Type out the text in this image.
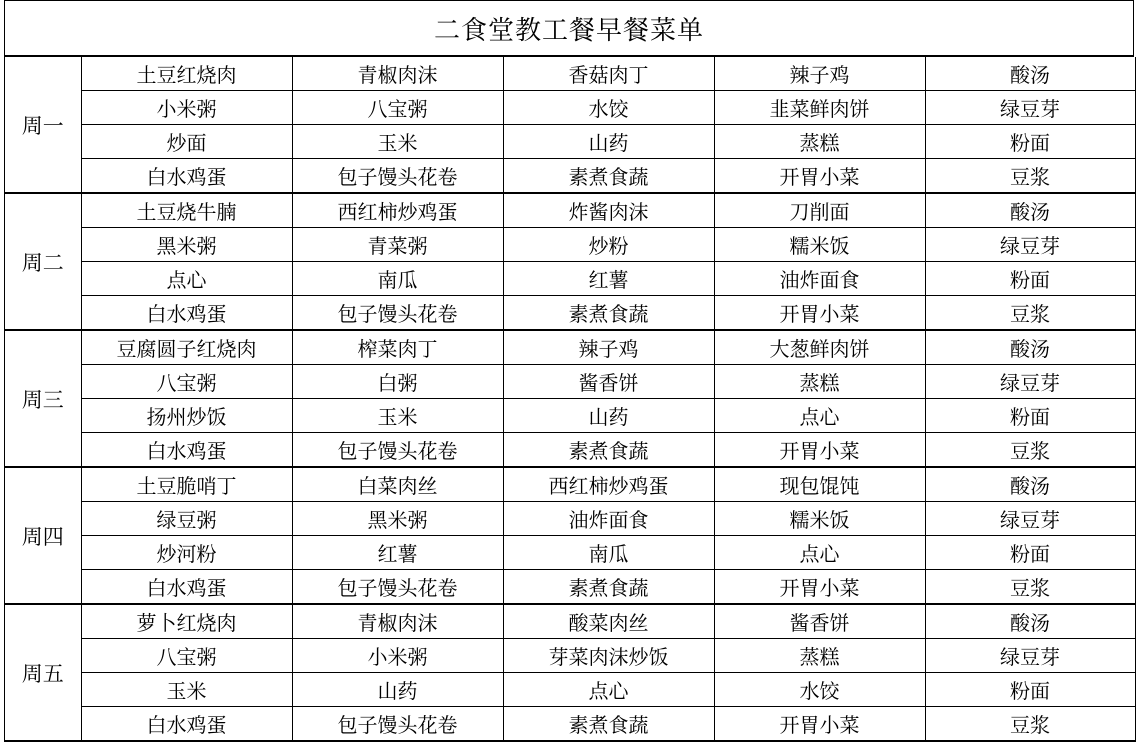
二食堂教工餐早餐菜单
周一	土豆红烧肉	青椒肉沫	香菇肉丁	辣子鸡	酸汤
	小米粥	八宝粥	水饺	韭菜鲜肉饼	绿豆芽
	炒面	玉米	山药	蒸糕	粉面
	白水鸡蛋	包子馒头花卷	素煮食蔬	开胃小菜	豆浆
周二	土豆烧牛腩	西红柿炒鸡蛋	炸酱肉沫	刀削面	酸汤
	黑米粥	青菜粥	炒粉	糯米饭	绿豆芽
	点心	南瓜	红薯	油炸面食	粉面
	白水鸡蛋	包子馒头花卷	素煮食蔬	开胃小菜	豆浆
周三	豆腐圆子红烧肉	榨菜肉丁	辣子鸡	大葱鲜肉饼	酸汤
	八宝粥	白粥	酱香饼	蒸糕	绿豆芽
	扬州炒饭	玉米	山药	点心	粉面
	白水鸡蛋	包子馒头花卷	素煮食蔬	开胃小菜	豆浆
周四	土豆脆哨丁	白菜肉丝	西红柿炒鸡蛋	现包馄饨	酸汤
	绿豆粥	黑米粥	油炸面食	糯米饭	绿豆芽
	炒河粉	红薯	南瓜	点心	粉面
	白水鸡蛋	包子馒头花卷	素煮食蔬	开胃小菜	豆浆
周五	萝卜红烧肉	青椒肉沫	酸菜肉丝	酱香饼	酸汤
	八宝粥	小米粥	芽菜肉沫炒饭	蒸糕	绿豆芽
	玉米	山药	点心	水饺	粉面
	白水鸡蛋	包子馒头花卷	素煮食蔬	开胃小菜	豆浆
